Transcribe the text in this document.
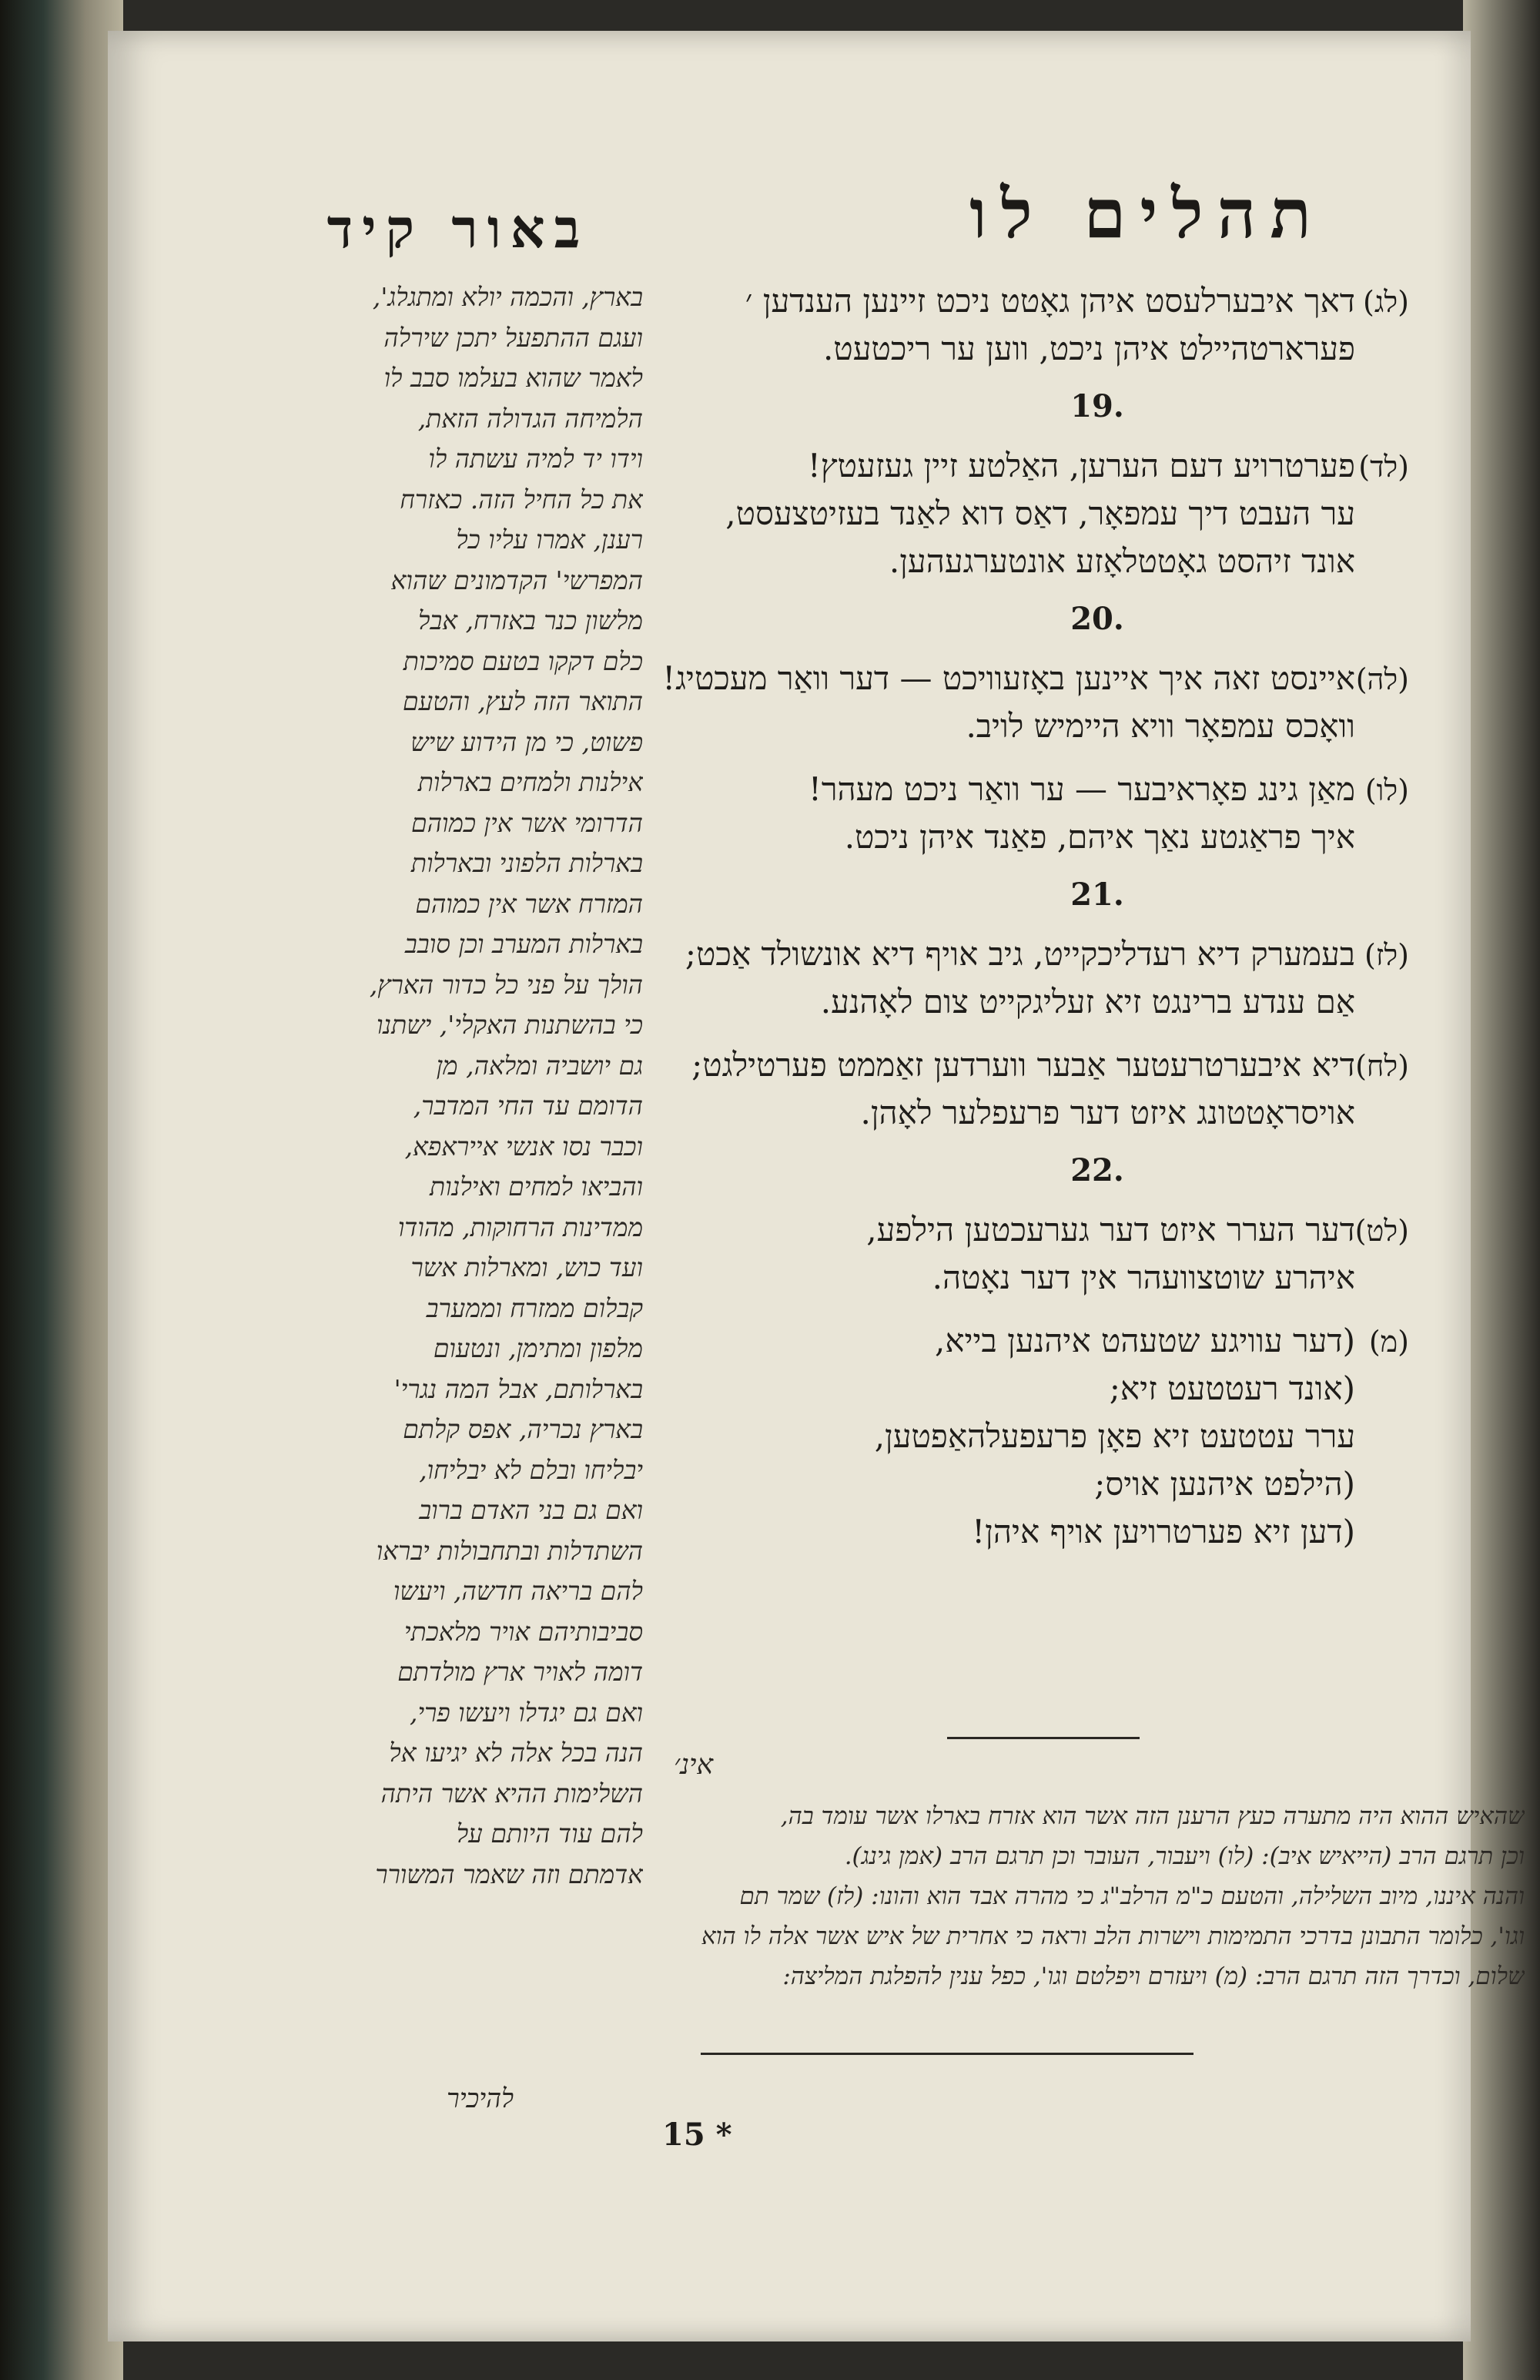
תהלים לו
באור קיד
בארץ, והכמה יולא ומתגלג',
ועגם ההתפעל יתכן שירלה
לאמר שהוא בעלמו סבב לו
הלמיחה הגדולה הזאת,
וידו יד למיה עשתה לו
את כל החיל הזה. כאזרח
רענן, אמרו עליו כל
המפרשי' הקדמונים שהוא
מלשון כנר באזרח, אבל
כלם דקקו בטעם סמיכות
התואר הזה לעץ, והטעם
פשוט, כי מן הידוע שיש
אילנות ולמחים בארלות
הדרומי אשר אין כמוהם
בארלות הלפוני ובארלות
המזרח אשר אין כמוהם
בארלות המערב וכן סובב
הולך על פני כל כדור הארץ,
כי בהשתנות האקלי', ישתנו
גם יושביה ומלאה, מן
הדומם עד החי המדבר,
וכבר נסו אנשי אייראפא,
והביאו למחים ואילנות
ממדינות הרחוקות, מהודו
ועד כוש, ומארלות אשר
קבלום ממזרח וממערב
מלפון ומתימן, ונטעום
בארלותם, אבל המה נגרי'
בארץ נכריה, אפס קלתם
יבליחו ובלם לא יבליחו,
ואם גם בני האדם ברוב
השתדלות ובתחבולות יבראו
להם בריאה חדשה, ויעשו
סביבותיהם אויר מלאכתי
דומה לאויר ארץ מולדתם
ואם גם יגדלו ויעשו פרי,
הנה בכל אלה לא יגיעו אל
השלימות ההיא אשר היתה
להם עוד היותם על
אדמתם וזה שאמר המשורר
(לג)
דאך איבערלעסט איהן גאָטט ניכט זיינען הענדען ׳
פערארטהיילט איהן ניכט, ווען ער ריכטעט.
19.
(לד)
פערטרויע דעם הערען, האַלטע זיין געזעטץ!
ער העבט דיך עמפאָר, דאַס דוא לאַנד בעזיטצעסט,
אונד זיהסט גאָטטלאָזע אונטערגעהען.
20.
(לה)
איינסט זאה איך איינען באָזעוויכט — דער וואַר מעכטיג!
וואָכס עמפאָר וויא היימיש לויב.
(לו)
מאַן גינג פאָראיבער — ער וואַר ניכט מעהר!
איך פראַגטע נאַך איהם, פאַנד איהן ניכט.
21.
(לז)
בעמערק דיא רעדליכקייט, גיב אויף דיא אונשולד אַכט;
אַם ענדע ברינגט זיא זעליגקייט צום לאָהנע.
(לח)
דיא איבערטרעטער אַבער ווערדען זאַממט פערטילגט;
אויסראָטטונג איזט דער פרעפלער לאָהן.
22.
(לט)
דער הערר איזט דער גערעכטען הילפע,
איהרע שוטצוועהר אין דער נאָטה.
(מ)
(דער עוויגע שטעהט איהנען בייא,
(אונד רעטטעט זיא;
ערר עטטעט זיא פאָן פרעפעלהאַפטען,
(הילפט איהנען אויס;
(דען זיא פערטרויען אויף איהן!
אינ׳
שהאיש ההוא היה מתערה כעץ הרענן הזה אשר הוא אזרח בארלו אשר עומד בה,
וכן תרגם הרב (הייאיש איב): (לו) ויעבור, העובר וכן תרגם הרב (אמן גינג).
והנה איננו, מיוב השלילה, והטעם כ"מ הרלב"ג כי מהרה אבד הוא והונו: (לז) שמר תם
וגו', כלומר התבונן בדרכי התמימות וישרות הלב וראה כי אחרית של איש אשר אלה לו הוא
שלום, וכדרך הזה תרגם הרב: (מ) ויעזרם ויפלטם וגו', כפל ענין להפלגת המליצה:
להיכיר
15 *
